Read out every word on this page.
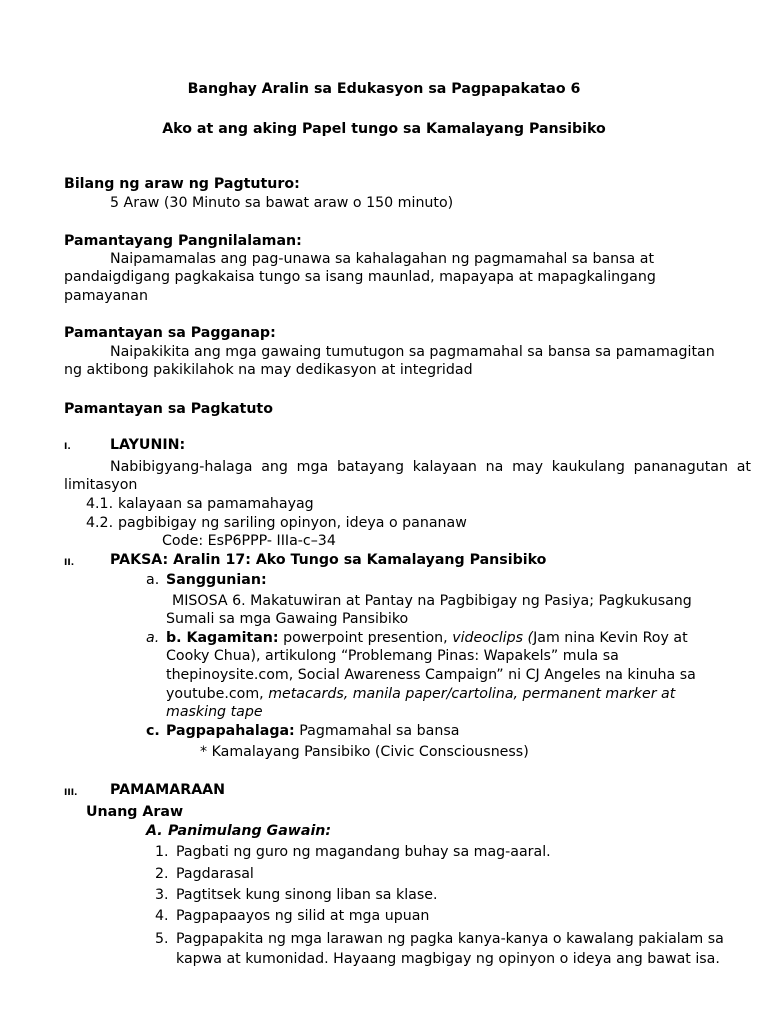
Banghay Aralin sa Edukasyon sa Pagpapakatao 6
Ako at ang aking Papel tungo sa Kamalayang Pansibiko
Bilang ng araw ng Pagtuturo:
5 Araw (30 Minuto sa bawat araw o 150 minuto)
Pamantayang Pangnilalaman:
Naipamamalas ang pag-unawa sa kahalagahan ng pagmamahal sa bansa at
pandaigdigang pagkakaisa tungo sa isang maunlad, mapayapa at mapagkalingang
pamayanan
Pamantayan sa Pagganap:
Naipakikita ang mga gawaing tumutugon sa pagmamahal sa bansa sa pamamagitan
ng aktibong pakikilahok na may dedikasyon at integridad
Pamantayan sa Pagkatuto
I.	LAYUNIN:
Nabibigyang-halaga ang mga batayang kalayaan na may kaukulang pananagutan at
limitasyon
4.1. kalayaan sa pamamahayag
4.2. pagbibigay ng sariling opinyon, ideya o pananaw
Code: EsP6PPP- IIIa-c–34
II.	PAKSA: Aralin 17: Ako Tungo sa Kamalayang Pansibiko
a. Sanggunian:
MISOSA 6. Makatuwiran at Pantay na Pagbibigay ng Pasiya; Pagkukusang
Sumali sa mga Gawaing Pansibiko
a. b. Kagamitan: powerpoint presention, videoclips (Jam nina Kevin Roy at
Cooky Chua), artikulong “Problemang Pinas: Wapakels” mula sa
thepinoysite.com, Social Awareness Campaign” ni CJ Angeles na kinuha sa
youtube.com, metacards, manila paper/cartolina, permanent marker at
masking tape
c. Pagpapahalaga: Pagmamahal sa bansa
* Kamalayang Pansibiko (Civic Consciousness)
III. PAMAMARAAN
Unang Araw
A. Panimulang Gawain:
1. Pagbati ng guro ng magandang buhay sa mag-aaral.
2. Pagdarasal
3. Pagtitsek kung sinong liban sa klase.
4. Pagpapaayos ng silid at mga upuan
5. Pagpapakita ng mga larawan ng pagka kanya-kanya o kawalang pakialam sa
kapwa at kumonidad. Hayaang magbigay ng opinyon o ideya ang bawat isa.
